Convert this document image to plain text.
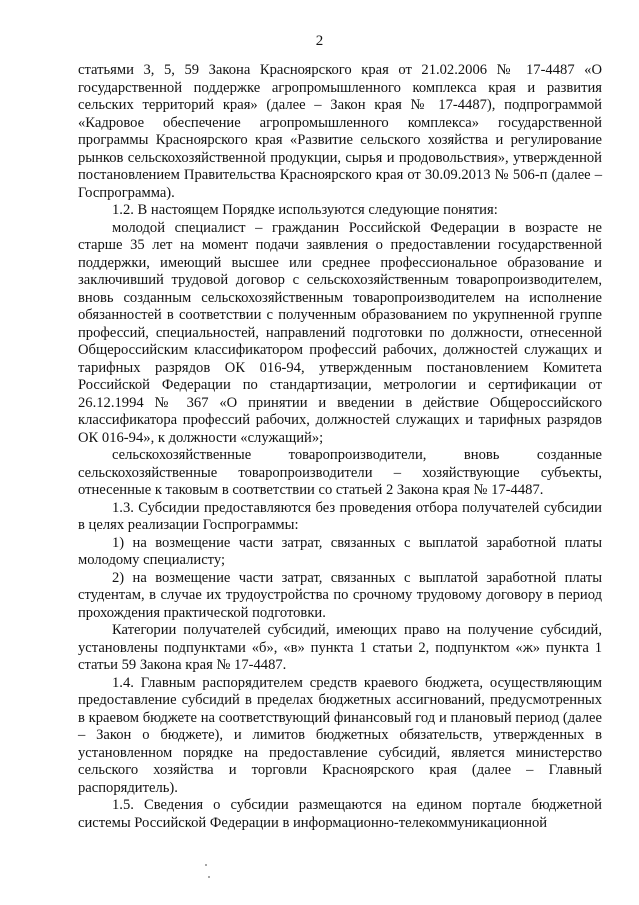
2

статьями 3, 5, 59 Закона Красноярского края от 21.02.2006 № 17-4487 «О государственной поддержке агропромышленного комплекса края и развития сельских территорий края» (далее – Закон края № 17-4487), подпрограммой «Кадровое обеспечение агропромышленного комплекса» государственной программы Красноярского края «Развитие сельского хозяйства и регулирование рынков сельскохозяйственной продукции, сырья и продовольствия», утвержденной постановлением Правительства Красноярского края от 30.09.2013 № 506-п (далее – Госпрограмма).

1.2. В настоящем Порядке используются следующие понятия:

молодой специалист – гражданин Российской Федерации в возрасте не старше 35 лет на момент подачи заявления о предоставлении государственной поддержки, имеющий высшее или среднее профессиональное образование и заключивший трудовой договор с сельскохозяйственным товаропроизводителем, вновь созданным сельскохозяйственным товаропроизводителем на исполнение обязанностей в соответствии с полученным образованием по укрупненной группе профессий, специальностей, направлений подготовки по должности, отнесенной Общероссийским классификатором профессий рабочих, должностей служащих и тарифных разрядов ОК 016-94, утвержденным постановлением Комитета Российской Федерации по стандартизации, метрологии и сертификации от 26.12.1994 № 367 «О принятии и введении в действие Общероссийского классификатора профессий рабочих, должностей служащих и тарифных разрядов ОК 016-94», к должности «служащий»;

сельскохозяйственные товаропроизводители, вновь созданные сельскохозяйственные товаропроизводители – хозяйствующие субъекты, отнесенные к таковым в соответствии со статьей 2 Закона края № 17-4487.

1.3. Субсидии предоставляются без проведения отбора получателей субсидии в целях реализации Госпрограммы:

1) на возмещение части затрат, связанных с выплатой заработной платы молодому специалисту;

2) на возмещение части затрат, связанных с выплатой заработной платы студентам, в случае их трудоустройства по срочному трудовому договору в период прохождения практической подготовки.

Категории получателей субсидий, имеющих право на получение субсидий, установлены подпунктами «б», «в» пункта 1 статьи 2, подпунктом «ж» пункта 1 статьи 59 Закона края № 17-4487.

1.4. Главным распорядителем средств краевого бюджета, осуществляющим предоставление субсидий в пределах бюджетных ассигнований, предусмотренных в краевом бюджете на соответствующий финансовый год и плановый период (далее – Закон о бюджете), и лимитов бюджетных обязательств, утвержденных в установленном порядке на предоставление субсидий, является министерство сельского хозяйства и торговли Красноярского края (далее – Главный распорядитель).

1.5. Сведения о субсидии размещаются на едином портале бюджетной системы Российской Федерации в информационно-телекоммуникационной
